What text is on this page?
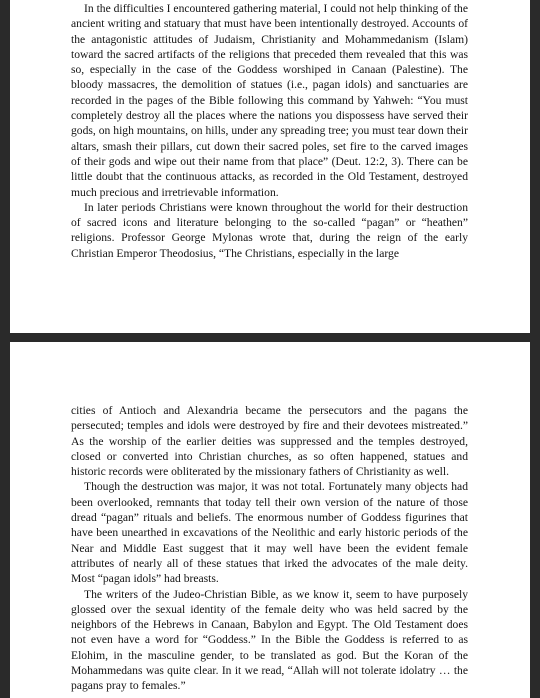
In the difficulties I encountered gathering material, I could not help thinking of the ancient writing and statuary that must have been intentionally destroyed. Accounts of the antagonistic attitudes of Judaism, Christianity and Mohammedanism (Islam) toward the sacred artifacts of the religions that preceded them revealed that this was so, especially in the case of the Goddess worshiped in Canaan (Palestine). The bloody massacres, the demolition of statues (i.e., pagan idols) and sanctuaries are recorded in the pages of the Bible following this command by Yahweh: “You must completely destroy all the places where the nations you dispossess have served their gods, on high mountains, on hills, under any spreading tree; you must tear down their altars, smash their pillars, cut down their sacred poles, set fire to the carved images of their gods and wipe out their name from that place” (Deut. 12:2, 3). There can be little doubt that the continuous attacks, as recorded in the Old Testament, destroyed much precious and irretrievable information.

In later periods Christians were known throughout the world for their destruction of sacred icons and literature belonging to the so-called “pagan” or “heathen” religions. Professor George Mylonas wrote that, during the reign of the early Christian Emperor Theodosius, “The Christians, especially in the large

cities of Antioch and Alexandria became the persecutors and the pagans the persecuted; temples and idols were destroyed by fire and their devotees mistreated.” As the worship of the earlier deities was suppressed and the temples destroyed, closed or converted into Christian churches, as so often happened, statues and historic records were obliterated by the missionary fathers of Christianity as well.

Though the destruction was major, it was not total. Fortunately many objects had been overlooked, remnants that today tell their own version of the nature of those dread “pagan” rituals and beliefs. The enormous number of Goddess figurines that have been unearthed in excavations of the Neolithic and early historic periods of the Near and Middle East suggest that it may well have been the evident female attributes of nearly all of these statues that irked the advocates of the male deity. Most “pagan idols” had breasts.

The writers of the Judeo-Christian Bible, as we know it, seem to have purposely glossed over the sexual identity of the female deity who was held sacred by the neighbors of the Hebrews in Canaan, Babylon and Egypt. The Old Testament does not even have a word for “Goddess.” In the Bible the Goddess is referred to as Elohim, in the masculine gender, to be translated as god. But the Koran of the Mohammedans was quite clear. In it we read, “Allah will not tolerate idolatry … the pagans pray to females.”
